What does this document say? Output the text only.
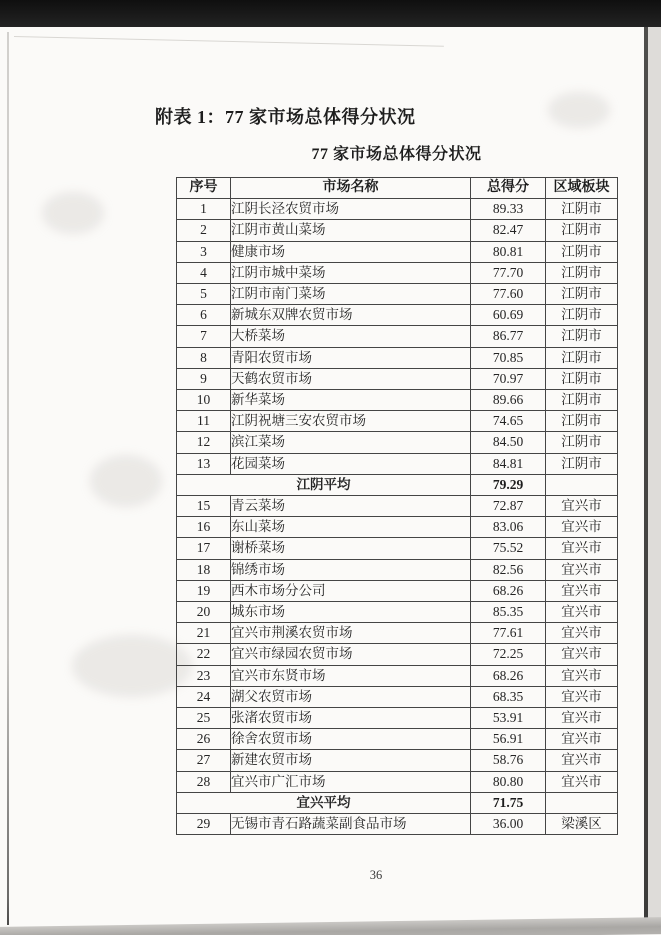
附表 1：77 家市场总体得分状况
77 家市场总体得分状况
序号	市场名称	总得分	区域板块
1	江阴长泾农贸市场	89.33	江阴市
2	江阴市黄山菜场	82.47	江阴市
3	健康市场	80.81	江阴市
4	江阴市城中菜场	77.70	江阴市
5	江阴市南门菜场	77.60	江阴市
6	新城东双牌农贸市场	60.69	江阴市
7	大桥菜场	86.77	江阴市
8	青阳农贸市场	70.85	江阴市
9	天鹤农贸市场	70.97	江阴市
10	新华菜场	89.66	江阴市
11	江阴祝塘三安农贸市场	74.65	江阴市
12	滨江菜场	84.50	江阴市
13	花园菜场	84.81	江阴市
江阴平均		79.29	
15	青云菜场	72.87	宜兴市
16	东山菜场	83.06	宜兴市
17	谢桥菜场	75.52	宜兴市
18	锦绣市场	82.56	宜兴市
19	西木市场分公司	68.26	宜兴市
20	城东市场	85.35	宜兴市
21	宜兴市荆溪农贸市场	77.61	宜兴市
22	宜兴市绿园农贸市场	72.25	宜兴市
23	宜兴市东贤市场	68.26	宜兴市
24	湖父农贸市场	68.35	宜兴市
25	张渚农贸市场	53.91	宜兴市
26	徐舍农贸市场	56.91	宜兴市
27	新建农贸市场	58.76	宜兴市
28	宜兴市广汇市场	80.80	宜兴市
宜兴平均		71.75	
29	无锡市青石路蔬菜副食品市场	36.00	梁溪区
36
